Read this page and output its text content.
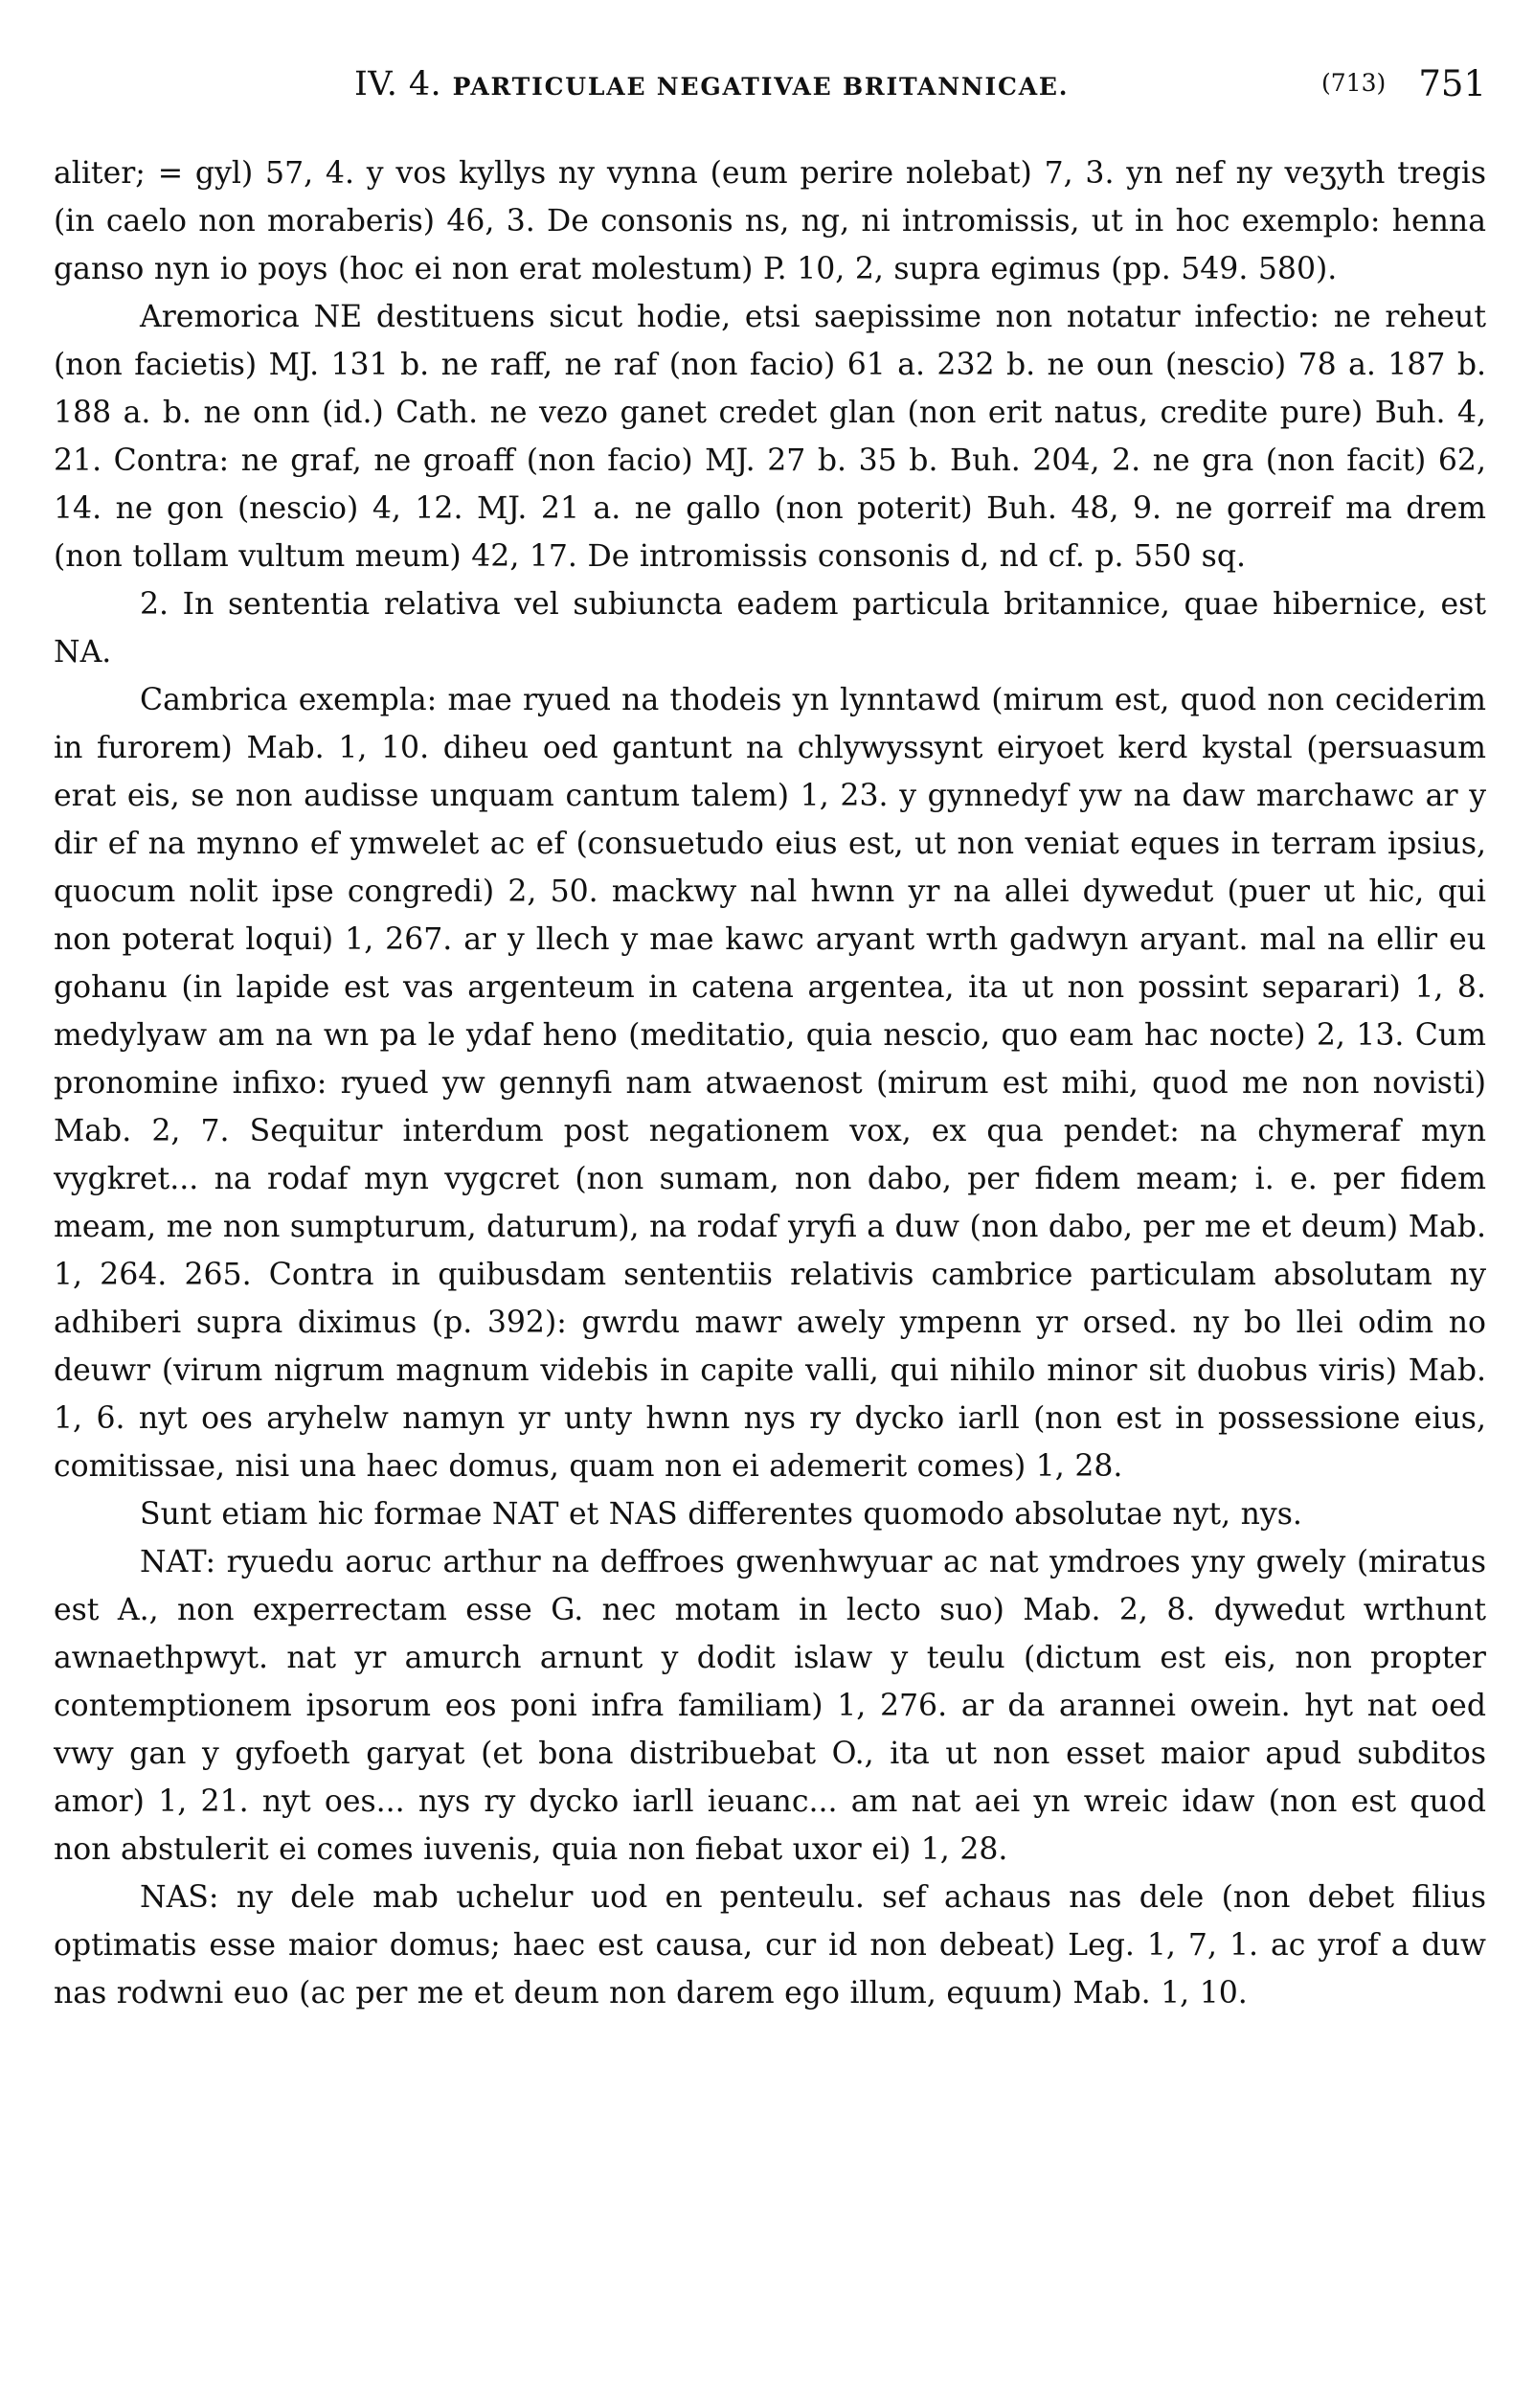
IV. 4. PARTICULAE NEGATIVAE BRITANNICAE.	(713) 751

aliter; = gyl) 57, 4. y vos kyllys ny vynna (eum perire nolebat) 7, 3. yn nef ny veʒyth tregis (in caelo non moraberis) 46, 3. De consonis ns, ng, ni intromissis, ut in hoc exemplo: henna ganso nyn io poys (hoc ei non erat molestum) P. 10, 2, supra egimus (pp. 549. 580).

Aremorica NE destituens sicut hodie, etsi saepissime non notatur infectio: ne reheut (non facietis) MJ. 131 b. ne raff, ne raf (non facio) 61 a. 232 b. ne oun (nescio) 78 a. 187 b. 188 a. b. ne onn (id.) Cath. ne vezo ganet credet glan (non erit natus, credite pure) Buh. 4, 21. Contra: ne graf, ne groaff (non facio) MJ. 27 b. 35 b. Buh. 204, 2. ne gra (non facit) 62, 14. ne gon (nescio) 4, 12. MJ. 21 a. ne gallo (non poterit) Buh. 48, 9. ne gorreif ma drem (non tollam vultum meum) 42, 17. De intromissis consonis d, nd cf. p. 550 sq.

2. In sententia relativa vel subiuncta eadem particula britannice, quae hibernice, est NA.

Cambrica exempla: mae ryued na thodeis yn lynntawd (mirum est, quod non ceciderim in furorem) Mab. 1, 10. diheu oed gantunt na chlywyssynt eiryoet kerd kystal (persuasum erat eis, se non audisse unquam cantum talem) 1, 23. y gynnedyf yw na daw marchawc ar y dir ef na mynno ef ymwelet ac ef (consuetudo eius est, ut non veniat eques in terram ipsius, quocum nolit ipse congredi) 2, 50. mackwy nal hwnn yr na allei dywedut (puer ut hic, qui non poterat loqui) 1, 267. ar y llech y mae kawc aryant wrth gadwyn aryant. mal na ellir eu gohanu (in lapide est vas argenteum in catena argentea, ita ut non possint separari) 1, 8. medylyaw am na wn pa le ydaf heno (meditatio, quia nescio, quo eam hac nocte) 2, 13. Cum pronomine infixo: ryued yw gennyfi nam atwaenost (mirum est mihi, quod me non novisti) Mab. 2, 7. Sequitur interdum post negationem vox, ex qua pendet: na chymeraf myn vygkret... na rodaf myn vygcret (non sumam, non dabo, per fidem meam; i. e. per fidem meam, me non sumpturum, daturum), na rodaf yryfi a duw (non dabo, per me et deum) Mab. 1, 264. 265. Contra in quibusdam sententiis relativis cambrice particulam absolutam ny adhiberi supra diximus (p. 392): gwrdu mawr awely ympenn yr orsed. ny bo llei odim no deuwr (virum nigrum magnum videbis in capite valli, qui nihilo minor sit duobus viris) Mab. 1, 6. nyt oes aryhelw namyn yr unty hwnn nys ry dycko iarll (non est in possessione eius, comitissae, nisi una haec domus, quam non ei ademerit comes) 1, 28.

Sunt etiam hic formae NAT et NAS differentes quomodo absolutae nyt, nys.

NAT: ryuedu aoruc arthur na deffroes gwenhwyuar ac nat ymdroes yny gwely (miratus est A., non experrectam esse G. nec motam in lecto suo) Mab. 2, 8. dywedut wrthunt awnaethpwyt. nat yr amurch arnunt y dodit islaw y teulu (dictum est eis, non propter contemptionem ipsorum eos poni infra familiam) 1, 276. ar da arannei owein. hyt nat oed vwy gan y gyfoeth garyat (et bona distribuebat O., ita ut non esset maior apud subditos amor) 1, 21. nyt oes... nys ry dycko iarll ieuanc... am nat aei yn wreic idaw (non est quod non abstulerit ei comes iuvenis, quia non fiebat uxor ei) 1, 28.

NAS: ny dele mab uchelur uod en penteulu. sef achaus nas dele (non debet filius optimatis esse maior domus; haec est causa, cur id non debeat) Leg. 1, 7, 1. ac yrof a duw nas rodwni euo (ac per me et deum non darem ego illum, equum) Mab. 1, 10.
